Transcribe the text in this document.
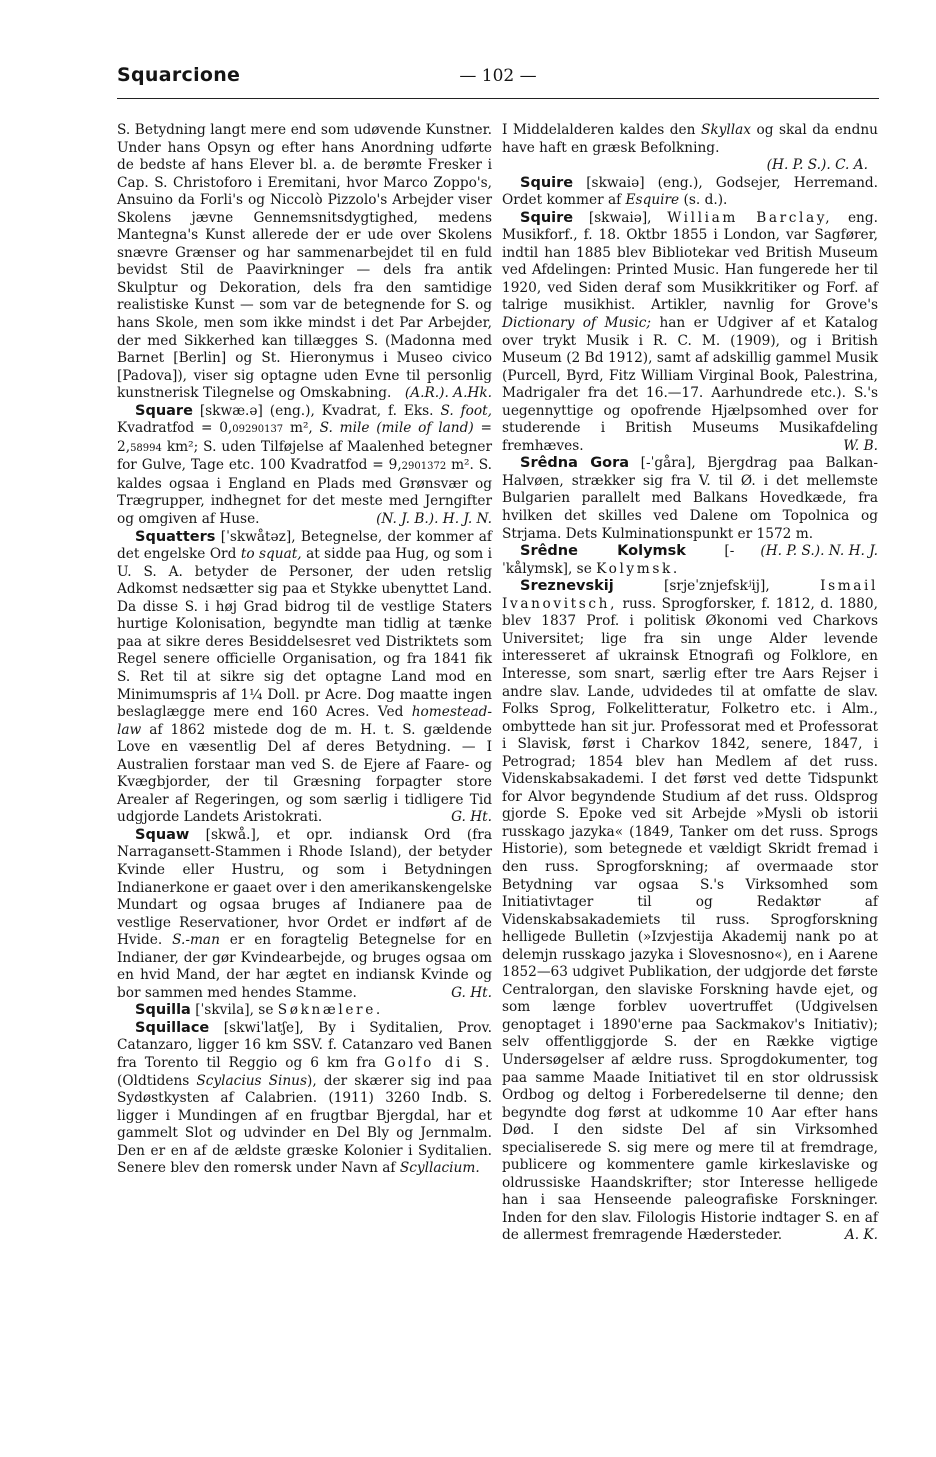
Squarcione	— 102 —

S. Betydning langt mere end som udøvende Kunstner. Under hans Opsyn og efter hans Anordning udførte de bedste af hans Elever bl. a. de berømte Fresker i Cap. S. Christoforo i Eremitani, hvor Marco Zoppo's, Ansuino da Forli's og Niccolò Pizzolo's Arbejder viser Skolens jævne Gennemsnitsdygtighed, medens Mantegna's Kunst allerede der er ude over Skolens snævre Grænser og har sammenarbejdet til en fuld bevidst Stil de Paavirkninger — dels fra antik Skulptur og Dekoration, dels fra den samtidige realistiske Kunst — som var de betegnende for S. og hans Skole, men som ikke mindst i det Par Arbejder, der med Sikkerhed kan tillægges S. (Madonna med Barnet [Berlin] og St. Hieronymus i Museo civico [Padova]), viser sig optagne uden Evne til personlig kunstnerisk Tilegnelse og Omskabning. (A.R.). A.Hk.

Square [skwæ.ə] (eng.), Kvadrat, f. Eks. S. foot, Kvadratfod = 0,09290137 m², S. mile (mile of land) = 2,58994 km²; S. uden Tilføjelse af Maalenhed betegner for Gulve, Tage etc. 100 Kvadratfod = 9,2901372 m². S. kaldes ogsaa i England en Plads med Grønsvær og Trægrupper, indhegnet for det meste med Jerngifter og omgiven af Huse.	(N. J. B.). H. J. N.

Squatters [ˈskwåtəz], Betegnelse, der kommer af det engelske Ord to squat, at sidde paa Hug, og som i U. S. A. betyder de Personer, der uden retslig Adkomst nedsætter sig paa et Stykke ubenyttet Land. Da disse S. i høj Grad bidrog til de vestlige Staters hurtige Kolonisation, begyndte man tidlig at tænke paa at sikre deres Besiddelsesret ved Distriktets som Regel senere officielle Organisation, og fra 1841 fik S. Ret til at sikre sig det optagne Land mod en Minimumspris af 1¼ Doll. pr Acre. Dog maatte ingen beslaglægge mere end 160 Acres. Ved homestead-law af 1862 mistede dog de m. H. t. S. gældende Love en væsentlig Del af deres Betydning. — I Australien forstaar man ved S. de Ejere af Faare- og Kvægbjorder, der til Græsning forpagter store Arealer af Regeringen, og som særlig i tidligere Tid udgjorde Landets Aristokrati.	G. Ht.

Squaw [skwå.], et opr. indiansk Ord (fra Narragansett-Stammen i Rhode Island), der betyder Kvinde eller Hustru, og som i Betydningen Indianerkone er gaaet over i den amerikanskengelske Mundart og ogsaa bruges af Indianere paa de vestlige Reservationer, hvor Ordet er indført af de Hvide. S.-man er en foragtelig Betegnelse for en Indianer, der gør Kvindearbejde, og bruges ogsaa om en hvid Mand, der har ægtet en indiansk Kvinde og bor sammen med hendes Stamme.	G. Ht.

Squilla [ˈskvila], se Søknælere.

Squillace [skwiˈlatʃe], By i Syditalien, Prov. Catanzaro, ligger 16 km SSV. f. Catanzaro ved Banen fra Torento til Reggio og 6 km fra Golfo di S. (Oldtidens Scylacius Sinus), der skærer sig ind paa Sydøstkysten af Calabrien. (1911) 3260 Indb. S. ligger i Mundingen af en frugtbar Bjergdal, har et gammelt Slot og udvinder en Del Bly og Jernmalm. Den er en af de ældste græske Kolonier i Syditalien. Senere blev den romersk under Navn af Scyllacium.

I Middelalderen kaldes den Skyllax og skal da endnu have haft en græsk Befolkning.

(H. P. S.). C. A.

Squire [skwaiə] (eng.), Godsejer, Herremand. Ordet kommer af Esquire (s. d.).

Squire [skwaiə], William Barclay, eng. Musikforf., f. 18. Oktbr 1855 i London, var Sagfører, indtil han 1885 blev Bibliotekar ved British Museum ved Afdelingen: Printed Music. Han fungerede her til 1920, ved Siden deraf som Musikkritiker og Forf. af talrige musikhist. Artikler, navnlig for Grove's Dictionary of Music; han er Udgiver af et Katalog over trykt Musik i R. C. M. (1909), og i British Museum (2 Bd 1912), samt af adskillig gammel Musik (Purcell, Byrd, Fitz William Virginal Book, Palestrina, Madrigaler fra det 16.—17. Aarhundrede etc.). S.'s uegennyttige og opofrende Hjælpsomhed over for studerende i British Museums Musikafdeling fremhæves.	W. B.

Srêdna Gora [-ˈgåra], Bjergdrag paa Balkan-Halvøen, strækker sig fra V. til Ø. i det mellemste Bulgarien parallelt med Balkans Hovedkæde, fra hvilken det skilles ved Dalene om Topolnica og Strjama. Dets Kulminationspunkt er 1572 m.
(H. P. S.). N. H. J.

Srêdne Kolymsk [-ˈkålymsk], se Kolymsk.

Sreznevskij [srjeˈznjefskʲij], Ismail Ivanovitsch, russ. Sprogforsker, f. 1812, d. 1880, blev 1837 Prof. i politisk Økonomi ved Charkovs Universitet; lige fra sin unge Alder levende interesseret af ukrainsk Etnografi og Folklore, en Interesse, som snart, særlig efter tre Aars Rejser i andre slav. Lande, udvidedes til at omfatte de slav. Folks Sprog, Folkelitteratur, Folketro etc. i Alm., ombyttede han sit jur. Professorat med et Professorat i Slavisk, først i Charkov 1842, senere, 1847, i Petrograd; 1854 blev han Medlem af det russ. Videnskabsakademi. I det først ved dette Tidspunkt for Alvor begyndende Studium af det russ. Oldsprog gjorde S. Epoke ved sit Arbejde »Mysli ob istorii russkago jazyka« (1849, Tanker om det russ. Sprogs Historie), som betegnede et vældigt Skridt fremad i den russ. Sprogforskning; af overmaade stor Betydning var ogsaa S.'s Virksomhed som Initiativtager til og Redaktør af Videnskabsakademiets til russ. Sprogforskning helligede Bulletin (»Izvjestija Akademij nank po at delemjn russkago jazyka i Slovesnosno«), en i Aarene 1852—63 udgivet Publikation, der udgjorde det første Centralorgan, den slaviske Forskning havde ejet, og som længe forblev uovertruffet (Udgivelsen genoptaget i 1890'erne paa Sackmakov's Initiativ); selv offentliggjorde S. der en Række vigtige Undersøgelser af ældre russ. Sprogdokumenter, tog paa samme Maade Initiativet til en stor oldrussisk Ordbog og deltog i Forberedelserne til denne; den begyndte dog først at udkomme 10 Aar efter hans Død. I den sidste Del af sin Virksomhed specialiserede S. sig mere og mere til at fremdrage, publicere og kommentere gamle kirkeslaviske og oldrussiske Haandskrifter; stor Interesse helligede han i saa Henseende paleografiske Forskninger. Inden for den slav. Filologis Historie indtager S. en af de allermest fremragende Hædersteder.	A. K.
